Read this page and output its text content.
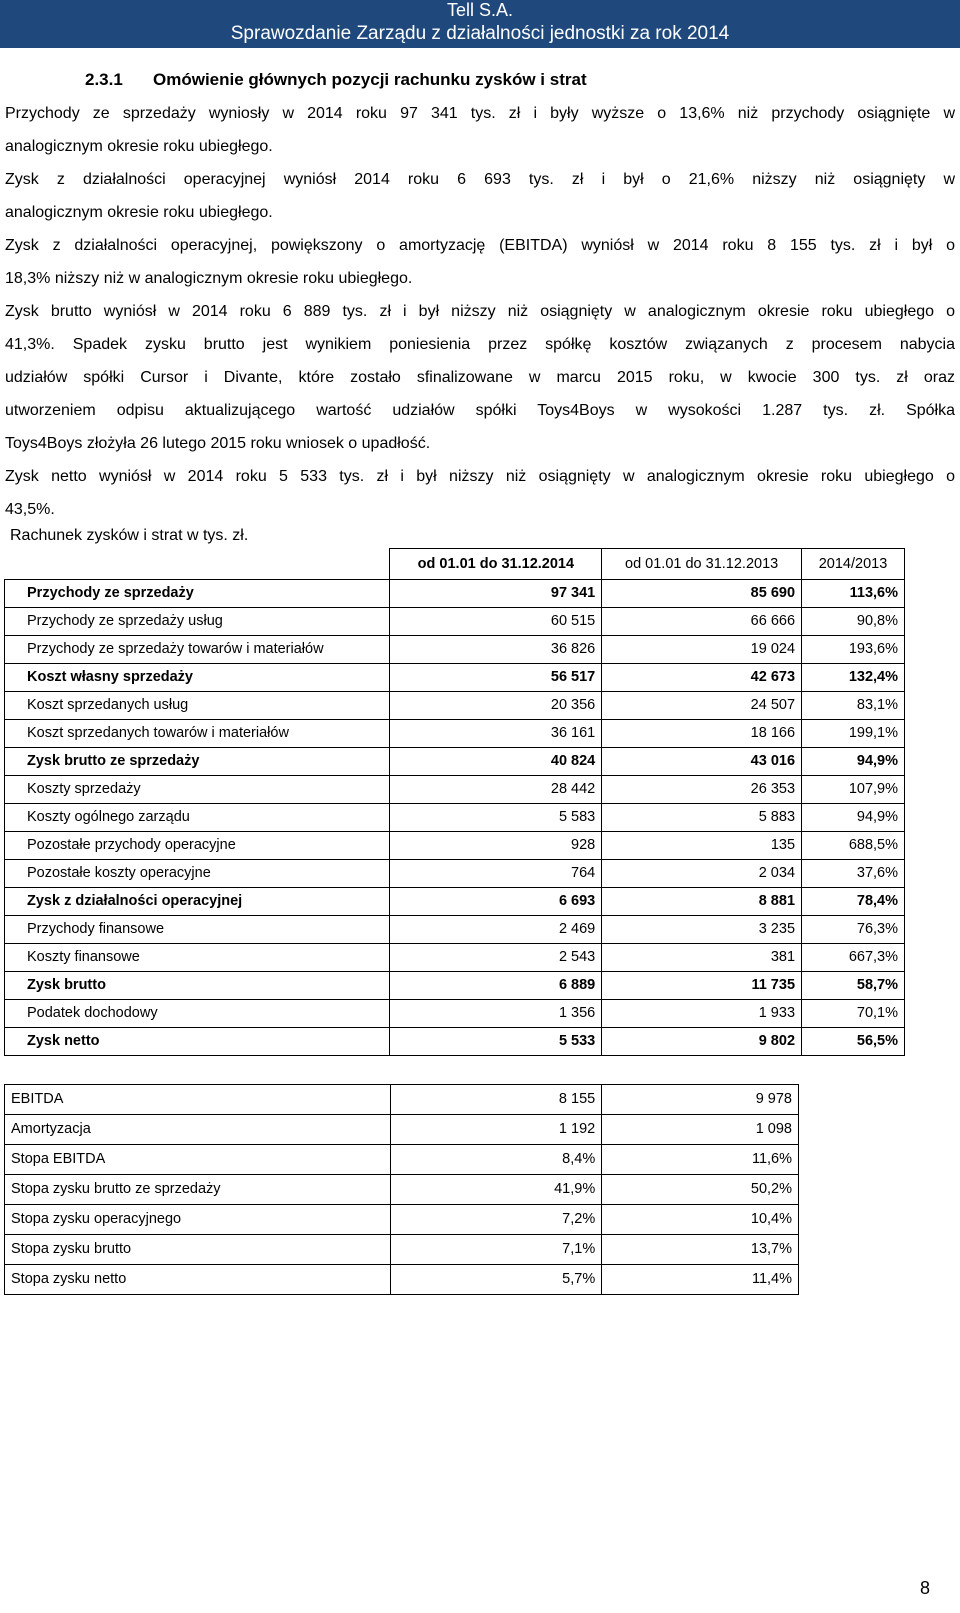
Tell S.A.
Sprawozdanie Zarządu z działalności jednostki za rok 2014
2.3.1 Omówienie głównych pozycji rachunku zysków i strat
Przychody ze sprzedaży wyniosły w 2014 roku 97 341 tys. zł i były wyższe o 13,6% niż przychody osiągnięte w
analogicznym okresie roku ubiegłego.
Zysk z działalności operacyjnej wyniósł 2014 roku 6 693 tys. zł i był o 21,6% niższy niż osiągnięty w
analogicznym okresie roku ubiegłego.
Zysk z działalności operacyjnej, powiększony o amortyzację (EBITDA) wyniósł w 2014 roku 8 155 tys. zł i był o
18,3% niższy niż w analogicznym okresie roku ubiegłego.
Zysk brutto wyniósł w 2014 roku 6 889 tys. zł i był niższy niż osiągnięty w analogicznym okresie roku ubiegłego o
41,3%. Spadek zysku brutto jest wynikiem poniesienia przez spółkę kosztów związanych z procesem nabycia
udziałów spółki Cursor i Divante, które zostało sfinalizowane w marcu 2015 roku, w kwocie 300 tys. zł oraz
utworzeniem odpisu aktualizującego wartość udziałów spółki Toys4Boys w wysokości 1.287 tys. zł. Spółka
Toys4Boys złożyła 26 lutego 2015 roku wniosek o upadłość.
Zysk netto wyniósł w 2014 roku 5 533 tys. zł i był niższy niż osiągnięty w analogicznym okresie roku ubiegłego o
43,5%.
Rachunek zysków i strat w tys. zł.
	od 01.01 do 31.12.2014	od 01.01 do 31.12.2013	2014/2013
Przychody ze sprzedaży	97 341	85 690	113,6%
Przychody ze sprzedaży usług	60 515	66 666	90,8%
Przychody ze sprzedaży towarów i materiałów	36 826	19 024	193,6%
Koszt własny sprzedaży	56 517	42 673	132,4%
Koszt sprzedanych usług	20 356	24 507	83,1%
Koszt sprzedanych towarów i materiałów	36 161	18 166	199,1%
Zysk brutto ze sprzedaży	40 824	43 016	94,9%
Koszty sprzedaży	28 442	26 353	107,9%
Koszty ogólnego zarządu	5 583	5 883	94,9%
Pozostałe przychody operacyjne	928	135	688,5%
Pozostałe koszty operacyjne	764	2 034	37,6%
Zysk z działalności operacyjnej	6 693	8 881	78,4%
Przychody finansowe	2 469	3 235	76,3%
Koszty finansowe	2 543	381	667,3%
Zysk brutto	6 889	11 735	58,7%
Podatek dochodowy	1 356	1 933	70,1%
Zysk netto	5 533	9 802	56,5%
EBITDA	8 155	9 978
Amortyzacja	1 192	1 098
Stopa EBITDA	8,4%	11,6%
Stopa zysku brutto ze sprzedaży	41,9%	50,2%
Stopa zysku operacyjnego	7,2%	10,4%
Stopa zysku brutto	7,1%	13,7%
Stopa zysku netto	5,7%	11,4%
8
